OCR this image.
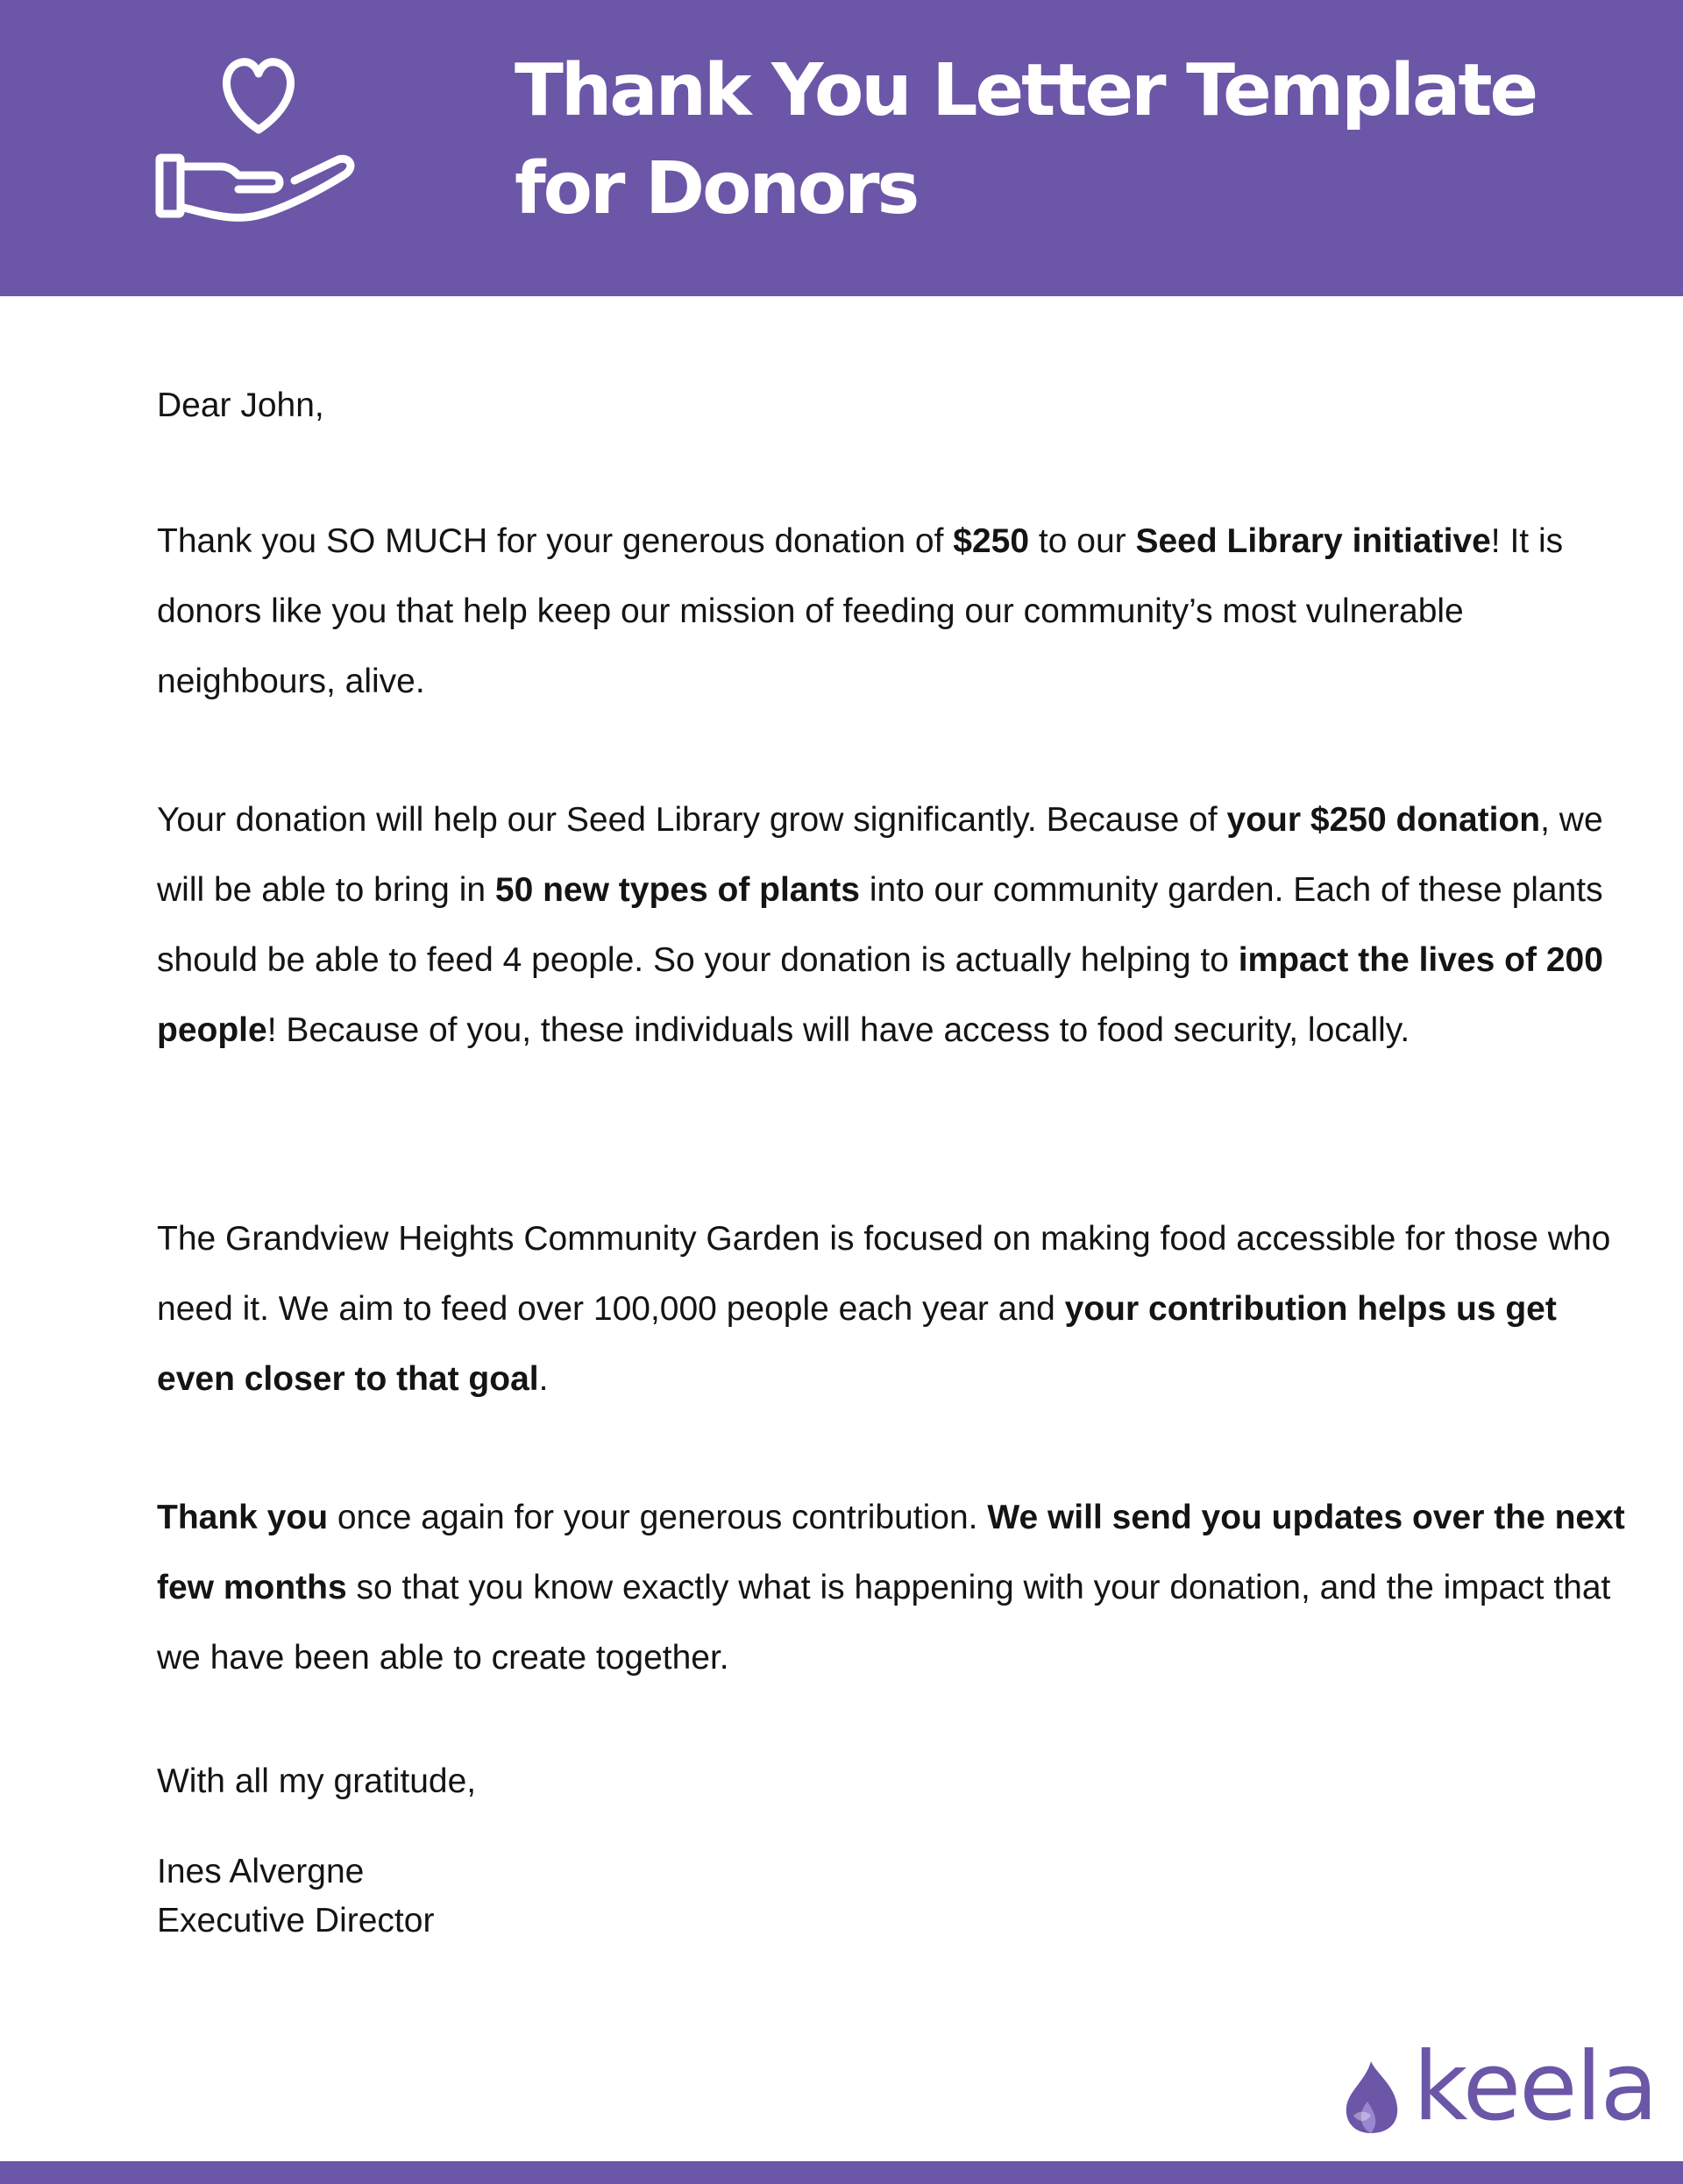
Thank You Letter Template
for Donors

Dear John,

Thank you SO MUCH for your generous donation of $250 to our Seed Library initiative! It is donors like you that help keep our mission of feeding our community’s most vulnerable neighbours, alive.

Your donation will help our Seed Library grow significantly. Because of your $250 donation, we will be able to bring in 50 new types of plants into our community garden. Each of these plants should be able to feed 4 people. So your donation is actually helping to impact the lives of 200 people! Because of you, these individuals will have access to food security, locally.

The Grandview Heights Community Garden is focused on making food accessible for those who need it. We aim to feed over 100,000 people each year and your contribution helps us get even closer to that goal.

Thank you once again for your generous contribution. We will send you updates over the next few months so that you know exactly what is happening with your donation, and the impact that we have been able to create together.

With all my gratitude,

Ines Alvergne
Executive Director

keela
